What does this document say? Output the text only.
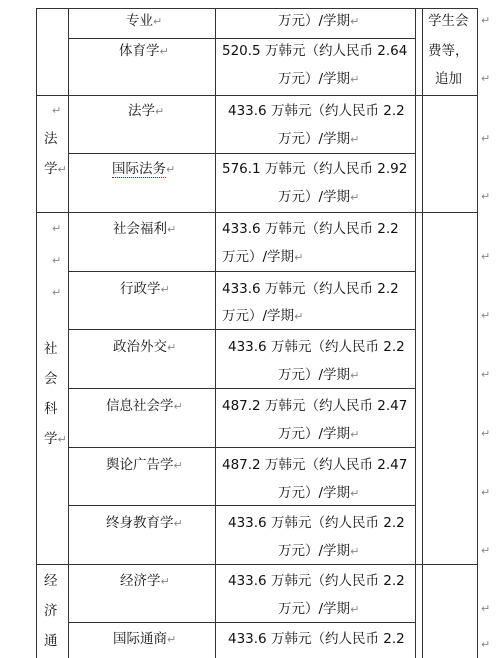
专业↵	万元）/学期↵	学生会
费等，
追加
体育学↵	520.5 万韩元（约人民币 2.64
万元）/学期↵
↵
法
学↵
法学↵	433.6 万韩元（约人民币 2.2
万元）/学期↵
国际法务↵	576.1 万韩元（约人民币 2.92
万元）/学期↵
↵
↵
↵
社
会
科
学↵
社会福利↵	433.6 万韩元（约人民币 2.2
万元）/学期↵
行政学↵	433.6 万韩元（约人民币 2.2
万元）/学期↵
政治外交↵	433.6 万韩元（约人民币 2.2
万元）/学期↵
信息社会学↵	487.2 万韩元（约人民币 2.47
万元）/学期↵
舆论广告学↵	487.2 万韩元（约人民币 2.47
万元）/学期↵
终身教育学↵	433.6 万韩元（约人民币 2.2
万元）/学期↵
经
济
通
经济学↵	433.6 万韩元（约人民币 2.2
万元）/学期↵
国际通商↵	433.6 万韩元（约人民币 2.2
↵
↵
↵
↵
↵
↵
↵
↵
↵
↵
↵
↵
